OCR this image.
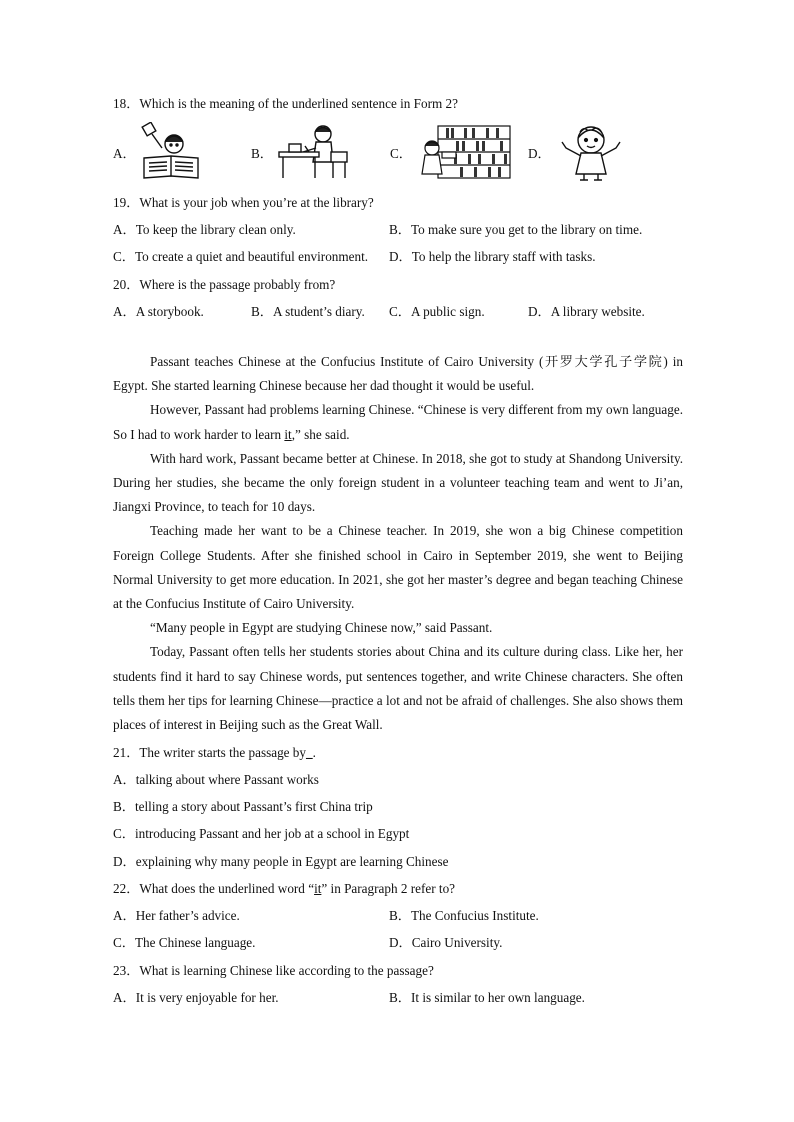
18．Which is the meaning of the underlined sentence in Form 2?
A．	B．	C．	D．
19．What is your job when you’re at the library?
A．To keep the library clean only.	B．To make sure you get to the library on time.
C．To create a quiet and beautiful environment. D．To help the library staff with tasks.
20．Where is the passage probably from?
A．A storybook.	B．A student’s diary. C．A public sign.	D．A library website.

Passant teaches Chinese at the Confucius Institute of Cairo University (开罗大学孔子学院) in Egypt. She started learning Chinese because her dad thought it would be useful.

However, Passant had problems learning Chinese. “Chinese is very different from my own language. So I had to work harder to learn it,” she said.

With hard work, Passant became better at Chinese. In 2018, she got to study at Shandong University. During her studies, she became the only foreign student in a volunteer teaching team and went to Ji’an, Jiangxi Province, to teach for 10 days.

Teaching made her want to be a Chinese teacher. In 2019, she won a big Chinese competition Foreign College Students. After she finished school in Cairo in September 2019, she went to Beijing Normal University to get more education. In 2021, she got her master’s degree and began teaching Chinese at the Confucius Institute of Cairo University.

“Many people in Egypt are studying Chinese now,” said Passant.

Today, Passant often tells her students stories about China and its culture during class. Like her, her students find it hard to say Chinese words, put sentences together, and write Chinese characters. She often tells them her tips for learning Chinese—practice a lot and not be afraid of challenges. She also shows them places of interest in Beijing such as the Great Wall.

21．The writer starts the passage by_.
A．talking about where Passant works
B．telling a story about Passant’s first China trip
C．introducing Passant and her job at a school in Egypt
D．explaining why many people in Egypt are learning Chinese
22．What does the underlined word “it” in Paragraph 2 refer to?
A．Her father’s advice.	B．The Confucius Institute.
C．The Chinese language.	D．Cairo University.
23．What is learning Chinese like according to the passage?
A．It is very enjoyable for her.	B．It is similar to her own language.
